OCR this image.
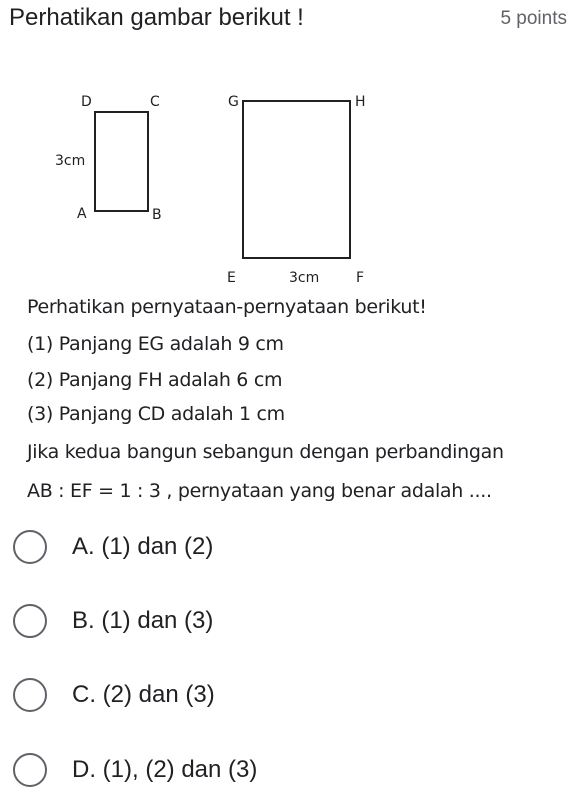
Perhatikan gambar berikut !	5 points
D	C
A	B
3cm
G	H
E	F
3cm
Perhatikan pernyataan-pernyataan berikut!
(1) Panjang EG adalah 9 cm
(2) Panjang FH adalah 6 cm
(3) Panjang CD adalah 1 cm
Jika kedua bangun sebangun dengan perbandingan
AB : EF = 1 : 3 , pernyataan yang benar adalah ....
A. (1) dan (2)
B. (1) dan (3)
C. (2) dan (3)
D. (1), (2) dan (3)
